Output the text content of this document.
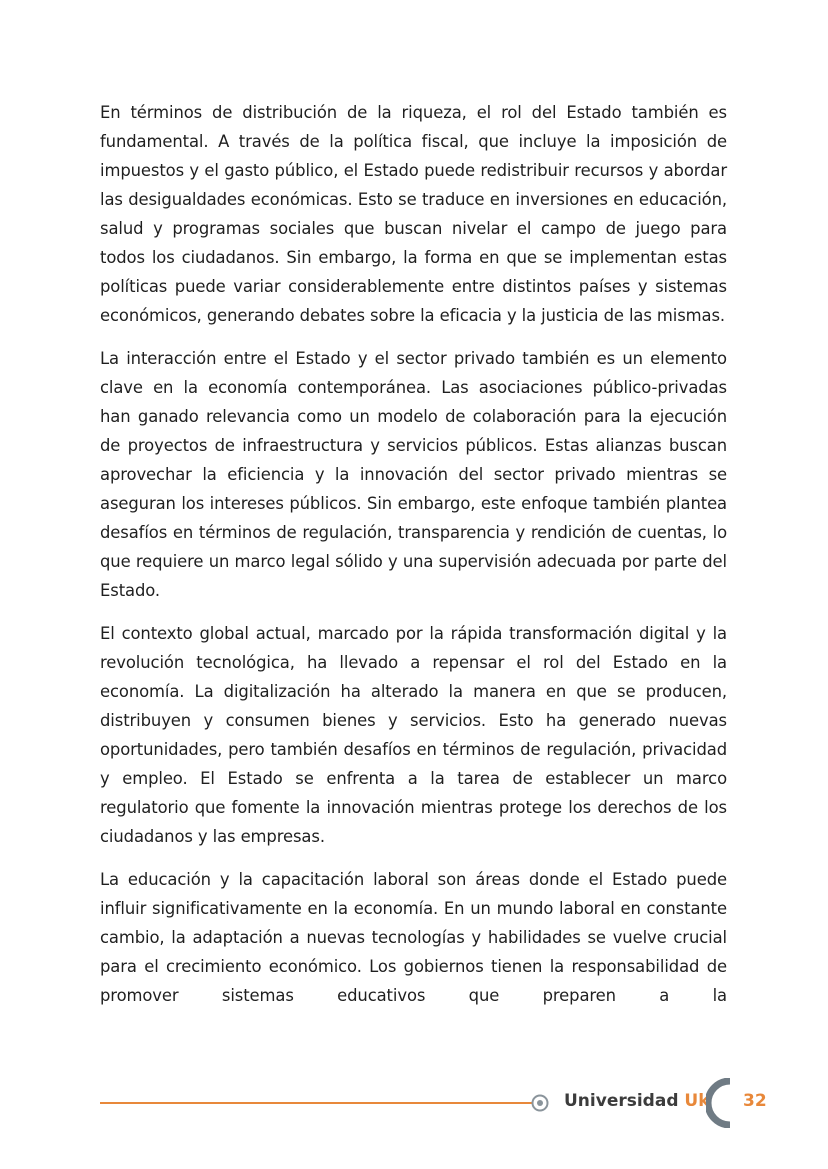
En términos de distribución de la riqueza, el rol del Estado también es fundamental. A través de la política fiscal, que incluye la imposición de impuestos y el gasto público, el Estado puede redistribuir recursos y abordar las desigualdades económicas. Esto se traduce en inversiones en educación, salud y programas sociales que buscan nivelar el campo de juego para todos los ciudadanos. Sin embargo, la forma en que se implementan estas políticas puede variar considerablemente entre distintos países y sistemas económicos, generando debates sobre la eficacia y la justicia de las mismas.

La interacción entre el Estado y el sector privado también es un elemento clave en la economía contemporánea. Las asociaciones público-privadas han ganado relevancia como un modelo de colaboración para la ejecución de proyectos de infraestructura y servicios públicos. Estas alianzas buscan aprovechar la eficiencia y la innovación del sector privado mientras se aseguran los intereses públicos. Sin embargo, este enfoque también plantea desafíos en términos de regulación, transparencia y rendición de cuentas, lo que requiere un marco legal sólido y una supervisión adecuada por parte del Estado.

El contexto global actual, marcado por la rápida transformación digital y la revolución tecnológica, ha llevado a repensar el rol del Estado en la economía. La digitalización ha alterado la manera en que se producen, distribuyen y consumen bienes y servicios. Esto ha generado nuevas oportunidades, pero también desafíos en términos de regulación, privacidad y empleo. El Estado se enfrenta a la tarea de establecer un marco regulatorio que fomente la innovación mientras protege los derechos de los ciudadanos y las empresas.

La educación y la capacitación laboral son áreas donde el Estado puede influir significativamente en la economía. En un mundo laboral en constante cambio, la adaptación a nuevas tecnologías y habilidades se vuelve crucial para el crecimiento económico. Los gobiernos tienen la responsabilidad de promover sistemas educativos que preparen a la

Universidad Uk 32
